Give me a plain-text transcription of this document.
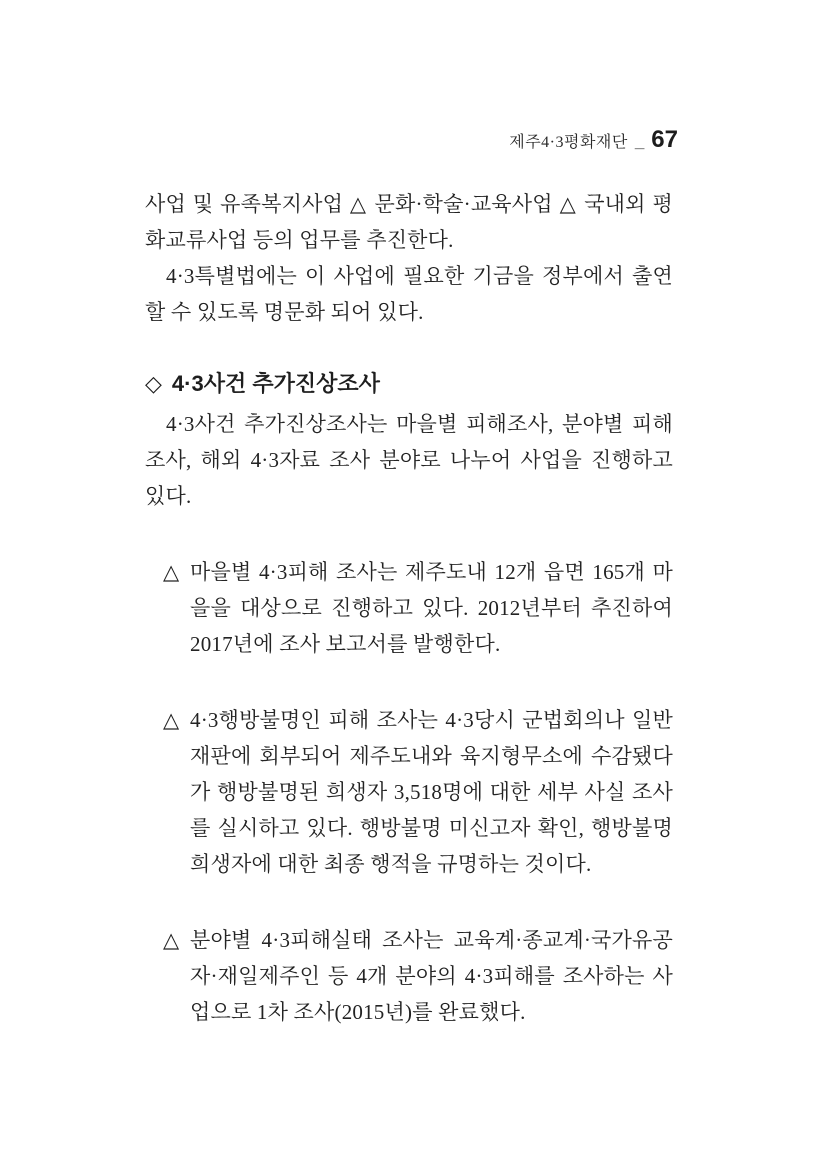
제주4·3평화재단 _ 67

사업 및 유족복지사업 △ 문화·학술·교육사업 △ 국내외 평화교류사업 등의 업무를 추진한다.

4·3특별법에는 이 사업에 필요한 기금을 정부에서 출연할 수 있도록 명문화 되어 있다.

◇ 4·3사건 추가진상조사

4·3사건 추가진상조사는 마을별 피해조사, 분야별 피해조사, 해외 4·3자료 조사 분야로 나누어 사업을 진행하고 있다.

△ 마을별 4·3피해 조사는 제주도내 12개 읍면 165개 마을을 대상으로 진행하고 있다. 2012년부터 추진하여 2017년에 조사 보고서를 발행한다.
△ 4·3행방불명인 피해 조사는 4·3당시 군법회의나 일반재판에 회부되어 제주도내와 육지형무소에 수감됐다가 행방불명된 희생자 3,518명에 대한 세부 사실 조사를 실시하고 있다. 행방불명 미신고자 확인, 행방불명 희생자에 대한 최종 행적을 규명하는 것이다.
△ 분야별 4·3피해실태 조사는 교육계·종교계·국가유공자·재일제주인 등 4개 분야의 4·3피해를 조사하는 사업으로 1차 조사(2015년)를 완료했다.
